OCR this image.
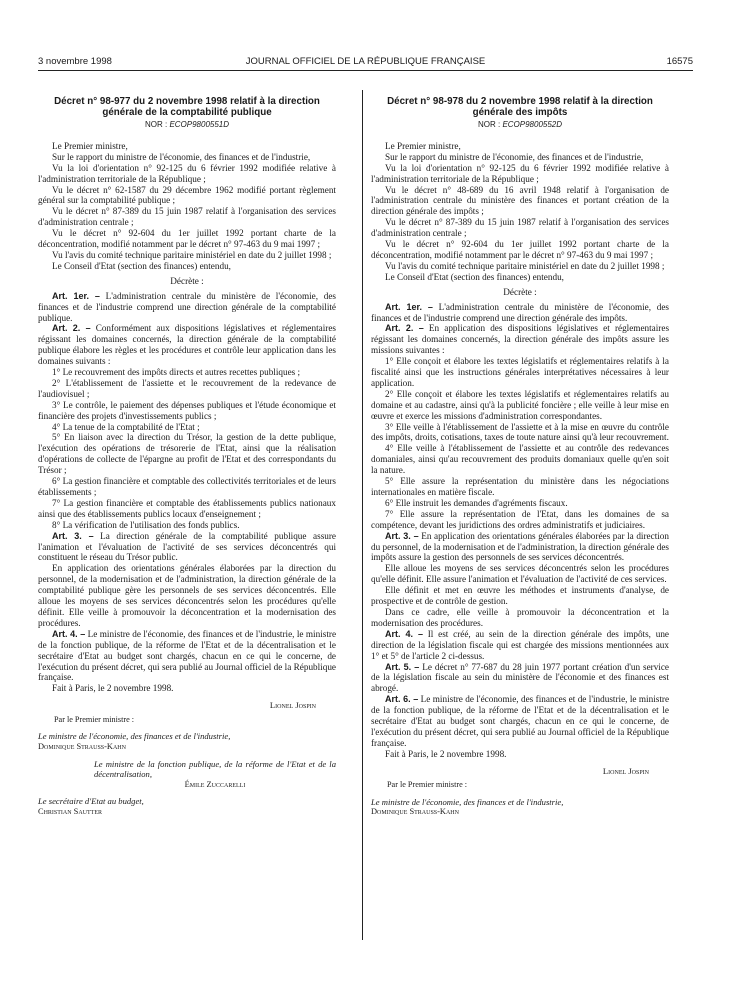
3 novembre 1998	JOURNAL OFFICIEL DE LA RÉPUBLIQUE FRANÇAISE	16575
Décret n° 98-977 du 2 novembre 1998 relatif à la direction générale de la comptabilité publique
NOR : ECOP9800551D

Le Premier ministre,

Sur le rapport du ministre de l'économie, des finances et de l'industrie,

Vu la loi d'orientation n° 92-125 du 6 février 1992 modifiée relative à l'administration territoriale de la République ;

Vu le décret n° 62-1587 du 29 décembre 1962 modifié portant règlement général sur la comptabilité publique ;

Vu le décret n° 87-389 du 15 juin 1987 relatif à l'organisation des services d'administration centrale ;

Vu le décret n° 92-604 du 1er juillet 1992 portant charte de la déconcentration, modifié notamment par le décret n° 97-463 du 9 mai 1997 ;

Vu l'avis du comité technique paritaire ministériel en date du 2 juillet 1998 ;

Le Conseil d'Etat (section des finances) entendu,

Décrète :

Art. 1er. – L'administration centrale du ministère de l'économie, des finances et de l'industrie comprend une direction générale de la comptabilité publique.

Art. 2. – Conformément aux dispositions législatives et réglementaires régissant les domaines concernés, la direction générale de la comptabilité publique élabore les règles et les procédures et contrôle leur application dans les domaines suivants :

1° Le recouvrement des impôts directs et autres recettes publiques ;

2° L'établissement de l'assiette et le recouvrement de la redevance de l'audiovisuel ;

3° Le contrôle, le paiement des dépenses publiques et l'étude économique et financière des projets d'investissements publics ;

4° La tenue de la comptabilité de l'Etat ;

5° En liaison avec la direction du Trésor, la gestion de la dette publique, l'exécution des opérations de trésorerie de l'Etat, ainsi que la réalisation d'opérations de collecte de l'épargne au profit de l'Etat et des correspondants du Trésor ;

6° La gestion financière et comptable des collectivités territoriales et de leurs établissements ;

7° La gestion financière et comptable des établissements publics nationaux ainsi que des établissements publics locaux d'enseignement ;

8° La vérification de l'utilisation des fonds publics.

Art. 3. – La direction générale de la comptabilité publique assure l'animation et l'évaluation de l'activité de ses services déconcentrés qui constituent le réseau du Trésor public.

En application des orientations générales élaborées par la direction du personnel, de la modernisation et de l'administration, la direction générale de la comptabilité publique gère les personnels de ses services déconcentrés. Elle alloue les moyens de ses services déconcentrés selon les procédures qu'elle définit. Elle veille à promouvoir la déconcentration et la modernisation des procédures.

Art. 4. – Le ministre de l'économie, des finances et de l'industrie, le ministre de la fonction publique, de la réforme de l'Etat et de la décentralisation et le secrétaire d'Etat au budget sont chargés, chacun en ce qui le concerne, de l'exécution du présent décret, qui sera publié au Journal officiel de la République française.

Fait à Paris, le 2 novembre 1998.

Lionel Jospin
Par le Premier ministre :
Le ministre de l'économie, des finances et de l'industrie,
Dominique Strauss-Kahn
Le ministre de la fonction publique, de la réforme de l'Etat et de la décentralisation,
Émile Zuccarelli
Le secrétaire d'Etat au budget,
Christian Sautter
Décret n° 98-978 du 2 novembre 1998 relatif à la direction générale des impôts
NOR : ECOP9800552D

Le Premier ministre,

Sur le rapport du ministre de l'économie, des finances et de l'industrie,

Vu la loi d'orientation n° 92-125 du 6 février 1992 modifiée relative à l'administration territoriale de la République ;

Vu le décret n° 48-689 du 16 avril 1948 relatif à l'organisation de l'administration centrale du ministère des finances et portant création de la direction générale des impôts ;

Vu le décret n° 87-389 du 15 juin 1987 relatif à l'organisation des services d'administration centrale ;

Vu le décret n° 92-604 du 1er juillet 1992 portant charte de la déconcentration, modifié notamment par le décret n° 97-463 du 9 mai 1997 ;

Vu l'avis du comité technique paritaire ministériel en date du 2 juillet 1998 ;

Le Conseil d'Etat (section des finances) entendu,

Décrète :

Art. 1er. – L'administration centrale du ministère de l'économie, des finances et de l'industrie comprend une direction générale des impôts.

Art. 2. – En application des dispositions législatives et réglementaires régissant les domaines concernés, la direction générale des impôts assure les missions suivantes :

1° Elle conçoit et élabore les textes législatifs et réglementaires relatifs à la fiscalité ainsi que les instructions générales interprétatives nécessaires à leur application.

2° Elle conçoit et élabore les textes législatifs et réglementaires relatifs au domaine et au cadastre, ainsi qu'à la publicité foncière ; elle veille à leur mise en œuvre et exerce les missions d'administration correspondantes.

3° Elle veille à l'établissement de l'assiette et à la mise en œuvre du contrôle des impôts, droits, cotisations, taxes de toute nature ainsi qu'à leur recouvrement.

4° Elle veille à l'établissement de l'assiette et au contrôle des redevances domaniales, ainsi qu'au recouvrement des produits domaniaux quelle qu'en soit la nature.

5° Elle assure la représentation du ministère dans les négociations internationales en matière fiscale.

6° Elle instruit les demandes d'agréments fiscaux.

7° Elle assure la représentation de l'Etat, dans les domaines de sa compétence, devant les juridictions des ordres administratifs et judiciaires.

Art. 3. – En application des orientations générales élaborées par la direction du personnel, de la modernisation et de l'administration, la direction générale des impôts assure la gestion des personnels de ses services déconcentrés.

Elle alloue les moyens de ses services déconcentrés selon les procédures qu'elle définit. Elle assure l'animation et l'évaluation de l'activité de ces services.

Elle définit et met en œuvre les méthodes et instruments d'analyse, de prospective et de contrôle de gestion.

Dans ce cadre, elle veille à promouvoir la déconcentration et la modernisation des procédures.

Art. 4. – Il est créé, au sein de la direction générale des impôts, une direction de la législation fiscale qui est chargée des missions mentionnées aux 1° et 5° de l'article 2 ci-dessus.

Art. 5. – Le décret n° 77-687 du 28 juin 1977 portant création d'un service de la législation fiscale au sein du ministère de l'économie et des finances est abrogé.

Art. 6. – Le ministre de l'économie, des finances et de l'industrie, le ministre de la fonction publique, de la réforme de l'Etat et de la décentralisation et le secrétaire d'Etat au budget sont chargés, chacun en ce qui le concerne, de l'exécution du présent décret, qui sera publié au Journal officiel de la République française.

Fait à Paris, le 2 novembre 1998.

Lionel Jospin
Par le Premier ministre :
Le ministre de l'économie, des finances et de l'industrie,
Dominique Strauss-Kahn
